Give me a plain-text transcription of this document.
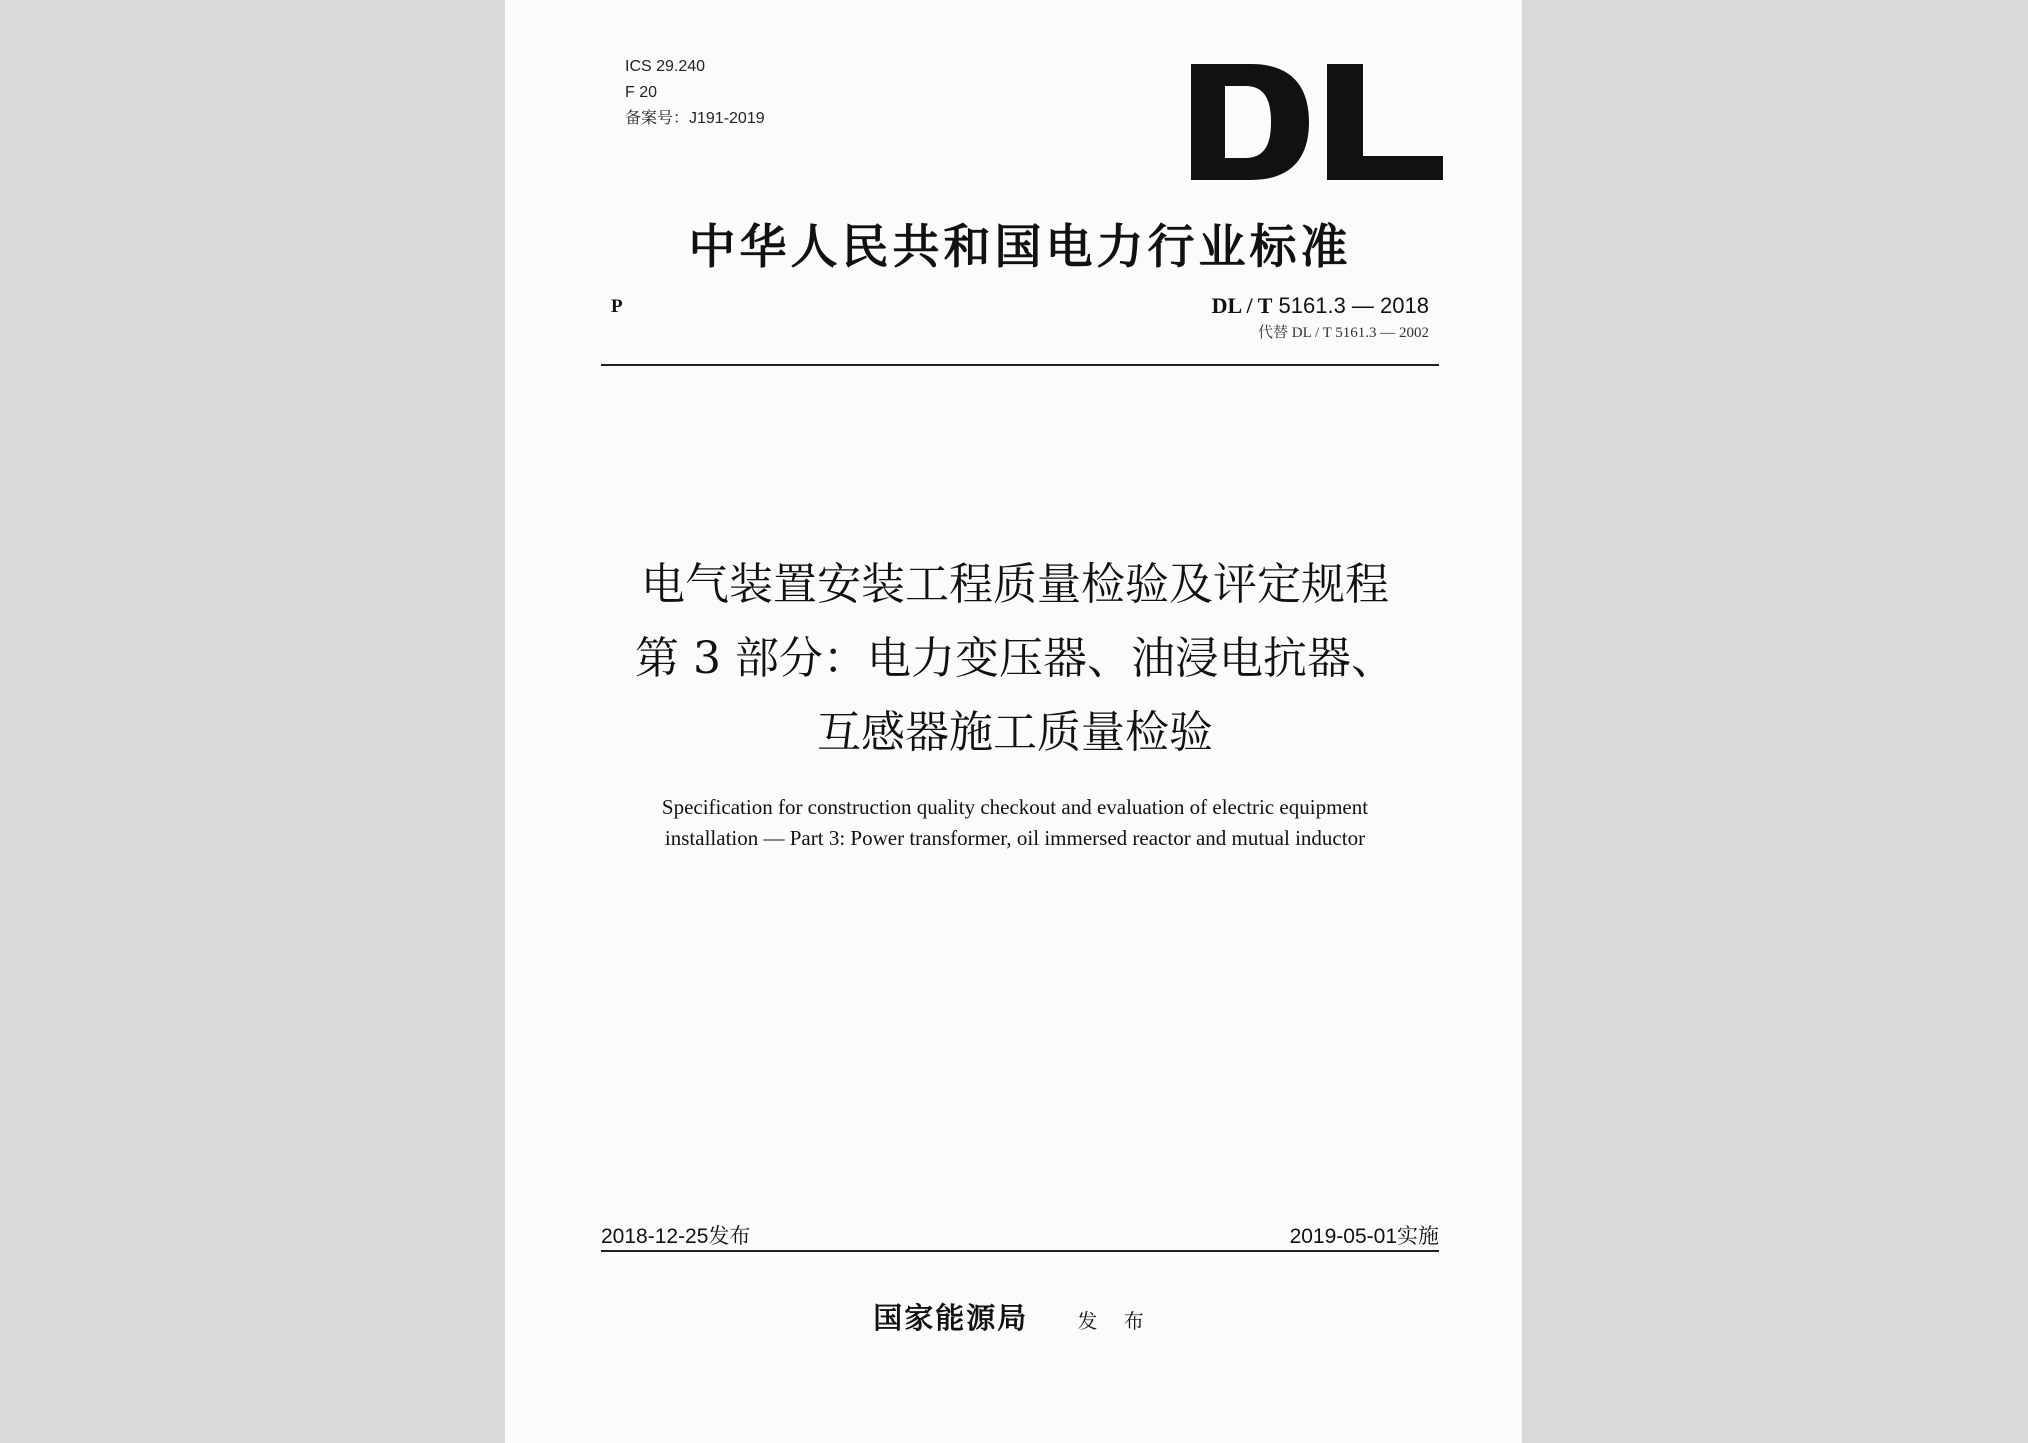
ICS 29.240
F 20
备案号：J191-2019
中华人民共和国电力行业标准
P	DL / T 5161.3 — 2018
代替 DL / T 5161.3 — 2002
电气装置安装工程质量检验及评定规程
第 3 部分：电力变压器、油浸电抗器、
互感器施工质量检验
Specification for construction quality checkout and evaluation of electric equipment
installation — Part 3: Power transformer, oil immersed reactor and mutual inductor
2018-12-25发布	2019-05-01实施
国家能源局 发 布
